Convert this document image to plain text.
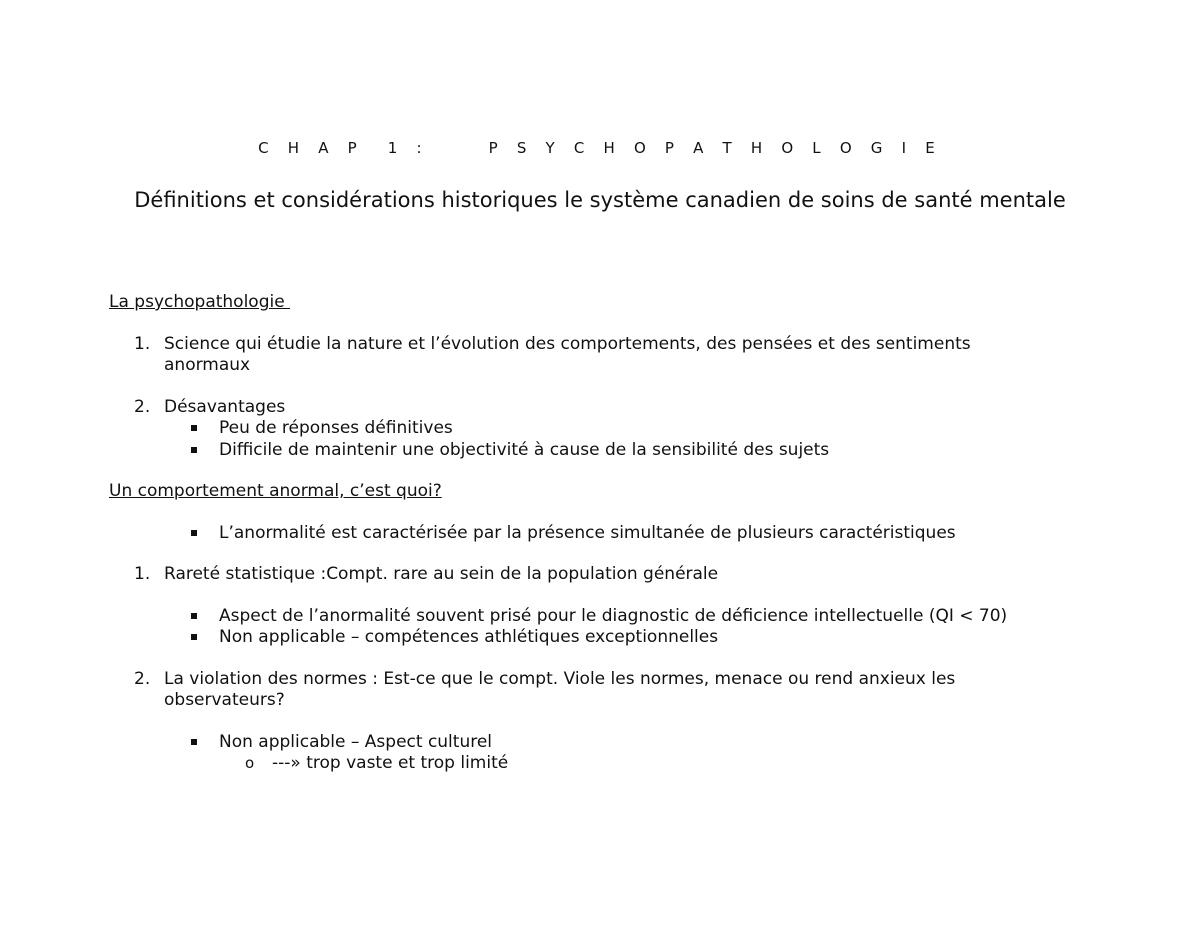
C H A P  1 :     P S Y C H O P A T H O L O G I E
Définitions et considérations historiques le système canadien de soins de santé mentale
La psychopathologie
1. Science qui étudie la nature et l’évolution des comportements, des pensées et des sentiments
anormaux
2. Désavantages
Peu de réponses définitives
Difficile de maintenir une objectivité à cause de la sensibilité des sujets
Un comportement anormal, c’est quoi?
L’anormalité est caractérisée par la présence simultanée de plusieurs caractéristiques
1. Rareté statistique :Compt. rare au sein de la population générale
Aspect de l’anormalité souvent prisé pour le diagnostic de déficience intellectuelle (QI < 70)
Non applicable – compétences athlétiques exceptionnelles
2. La violation des normes : Est-ce que le compt. Viole les normes, menace ou rend anxieux les
observateurs?
Non applicable – Aspect culturel
o ---» trop vaste et trop limité
